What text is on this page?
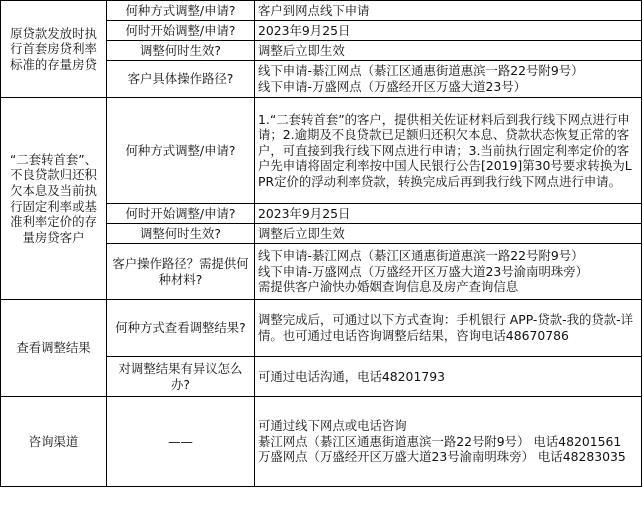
原贷款发放时执行首套房贷利率标准的存量房贷	何种方式调整/申请?	客户到网点线下申请

	何时开始调整/申请?	2023年9月25日

	调整何时生效?	调整后立即生效

	客户具体操作路径?	线下申请-綦江网点（綦江区通惠街道惠滨一路22号附9号）
线下申请-万盛网点（万盛经开区万盛大道23号）

“二套转首套”、不良贷款归还积欠本息及当前执行固定利率或基准利率定价的存量房贷客户	何种方式调整/申请?	1.“二套转首套”的客户，提供相关佐证材料后到我行线下网点进行申请；2.逾期及不良贷款已足额归还积欠本息、贷款状态恢复正常的客户，可直接到我行线下网点进行申请；3.当前执行固定利率定价的客户先申请将固定利率按中国人民银行公告[2019]第30号要求转换为LPR定价的浮动利率贷款，转换完成后再到我行线下网点进行申请。

	何时开始调整/申请?	2023年9月25日

	调整何时生效?	调整后立即生效

	客户操作路径？需提供何种材料?	线下申请-綦江网点（綦江区通惠街道惠滨一路22号附9号）
线下申请-万盛网点（万盛经开区万盛大道23号渝南明珠旁）
需提供客户渝快办婚姻查询信息及房产查询信息

查看调整结果	何种方式查看调整结果?	调整完成后，可通过以下方式查询：手机银行 APP-贷款-我的贷款-详情。也可通过电话咨询调整后结果，咨询电话48670786

	对调整结果有异议怎么办?	可通过电话沟通，电话48201793

咨询渠道	——	可通过线下网点或电话咨询
綦江网点（綦江区通惠街道惠滨一路22号附9号） 电话48201561
万盛网点（万盛经开区万盛大道23号渝南明珠旁） 电话48283035
